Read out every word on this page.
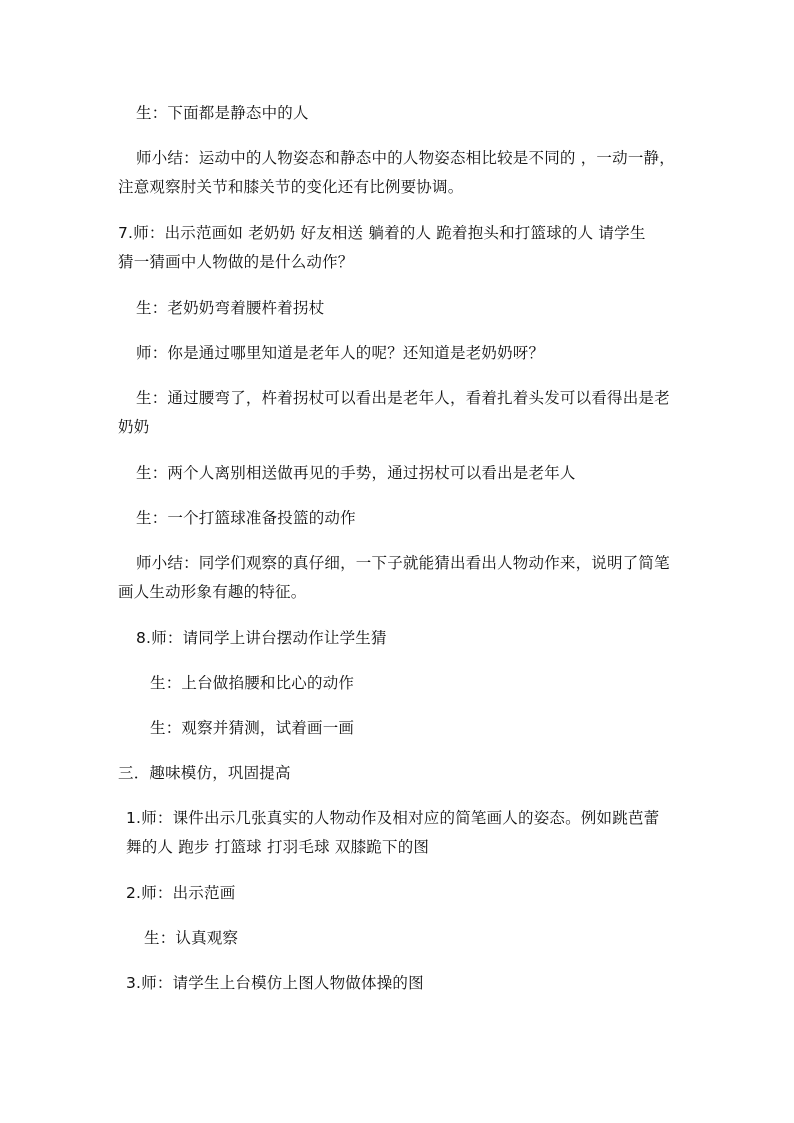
生：下面都是静态中的人
师小结：运动中的人物姿态和静态中的人物姿态相比较是不同的 ，一动一静，
注意观察肘关节和膝关节的变化还有比例要协调。
7.师：出示范画如 老奶奶 好友相送 躺着的人 跪着抱头和打篮球的人 请学生
猜一猜画中人物做的是什么动作？
生：老奶奶弯着腰杵着拐杖
师：你是通过哪里知道是老年人的呢？还知道是老奶奶呀？
生：通过腰弯了，杵着拐杖可以看出是老年人，看着扎着头发可以看得出是老
奶奶
生：两个人离别相送做再见的手势，通过拐杖可以看出是老年人
生：一个打篮球准备投篮的动作
师小结：同学们观察的真仔细，一下子就能猜出看出人物动作来，说明了简笔
画人生动形象有趣的特征。
8.师：请同学上讲台摆动作让学生猜
生：上台做掐腰和比心的动作
生：观察并猜测，试着画一画
三．趣味模仿，巩固提高
1.师：课件出示几张真实的人物动作及相对应的简笔画人的姿态。例如跳芭蕾
舞的人 跑步 打篮球 打羽毛球 双膝跪下的图
2.师：出示范画
生：认真观察
3.师：请学生上台模仿上图人物做体操的图
